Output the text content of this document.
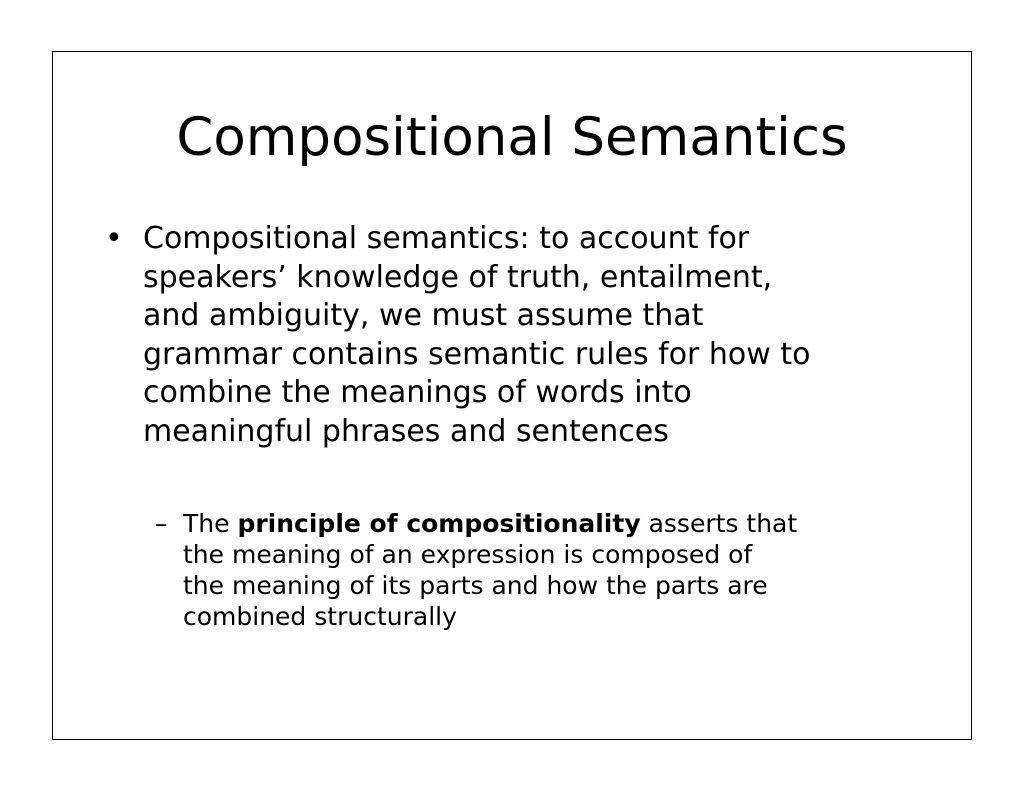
Compositional Semantics
• Compositional semantics: to account for
speakers’ knowledge of truth, entailment,
and ambiguity, we must assume that
grammar contains semantic rules for how to
combine the meanings of words into
meaningful phrases and sentences
– The principle of compositionality asserts that
the meaning of an expression is composed of
the meaning of its parts and how the parts are
combined structurally
